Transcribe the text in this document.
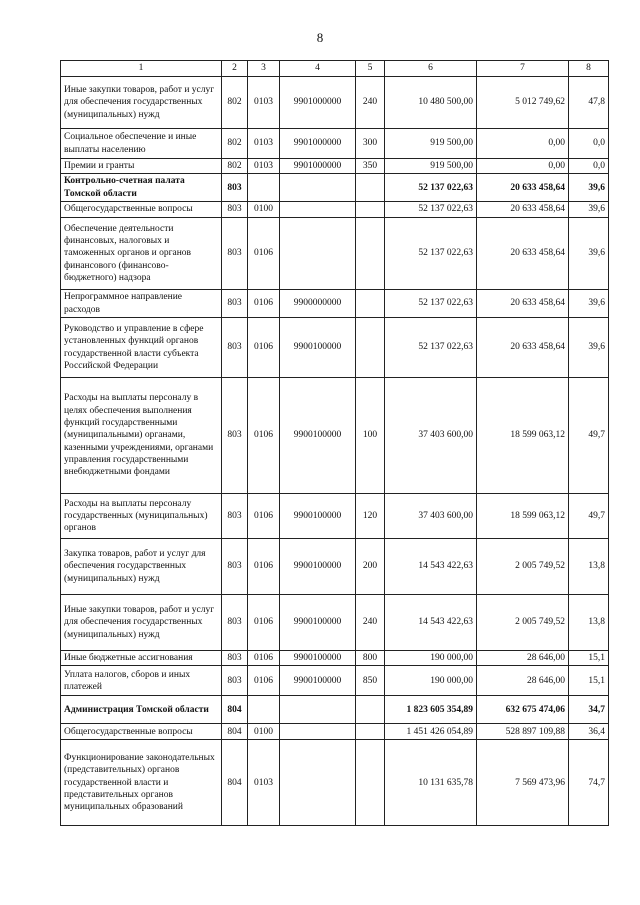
8
1	2	3	4	5	6	7	8
Иные закупки товаров, работ и услуг для обеспечения государственных (муниципальных) нужд	802	0103	9901000000	240	10 480 500,00	5 012 749,62	47,8
Социальное обеспечение и иные выплаты населению	802	0103	9901000000	300	919 500,00	0,00	0,0
Премии и гранты	802	0103	9901000000	350	919 500,00	0,00	0,0
Контрольно-счетная палата Томской области	803				52 137 022,63	20 633 458,64	39,6
Общегосударственные вопросы	803	0100			52 137 022,63	20 633 458,64	39,6
Обеспечение деятельности финансовых, налоговых и таможенных органов и органов финансового (финансово-бюджетного) надзора	803	0106			52 137 022,63	20 633 458,64	39,6
Непрограммное направление расходов	803	0106	9900000000		52 137 022,63	20 633 458,64	39,6
Руководство и управление в сфере установленных функций органов государственной власти субъекта Российской Федерации	803	0106	9900100000		52 137 022,63	20 633 458,64	39,6
Расходы на выплаты персоналу в целях обеспечения выполнения функций государственными (муниципальными) органами, казенными учреждениями, органами управления государственными внебюджетными фондами	803	0106	9900100000	100	37 403 600,00	18 599 063,12	49,7
Расходы на выплаты персоналу государственных (муниципальных) органов	803	0106	9900100000	120	37 403 600,00	18 599 063,12	49,7
Закупка товаров, работ и услуг для обеспечения государственных (муниципальных) нужд	803	0106	9900100000	200	14 543 422,63	2 005 749,52	13,8
Иные закупки товаров, работ и услуг для обеспечения государственных (муниципальных) нужд	803	0106	9900100000	240	14 543 422,63	2 005 749,52	13,8
Иные бюджетные ассигнования	803	0106	9900100000	800	190 000,00	28 646,00	15,1
Уплата налогов, сборов и иных платежей	803	0106	9900100000	850	190 000,00	28 646,00	15,1
Администрация Томской области	804				1 823 605 354,89	632 675 474,06	34,7
Общегосударственные вопросы	804	0100			1 451 426 054,89	528 897 109,88	36,4
Функционирование законодательных (представительных) органов государственной власти и представительных органов муниципальных образований	804	0103			10 131 635,78	7 569 473,96	74,7
